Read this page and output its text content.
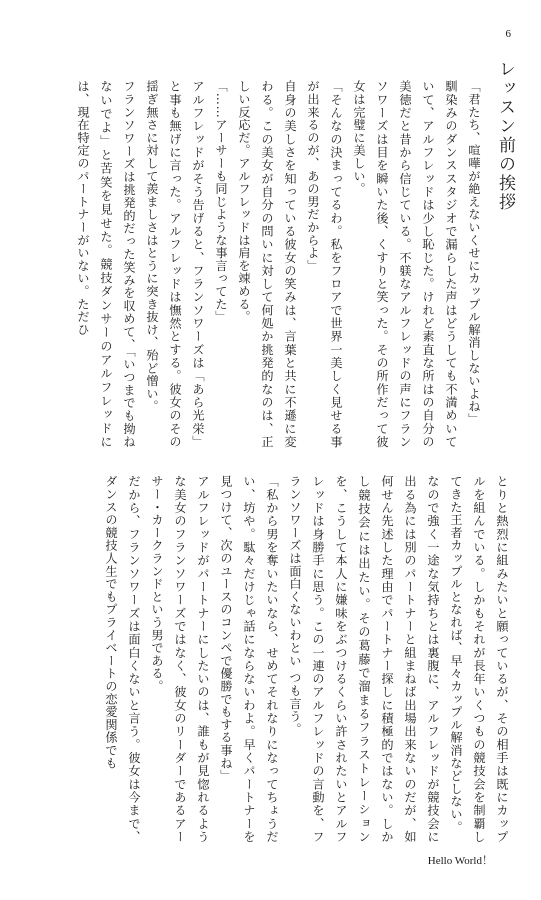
6
レッスン前の挨拶

「君たち、喧嘩が絶えないくせにカップル解消しないよね」

馴染みのダンススタジオで漏らした声はどうしても不満めいていて、アルフレッドは少し恥じた。けれど素直な所はの自分の美徳だと昔から信じている。不躾なアルフレッドの声にフランソワーズは目を瞬いた後、くすりと笑った。その所作だって彼女は完璧に美しい。

「そんなの決まってるわ。私をフロアで世界一美しく見せる事が出来るのが、あの男だからよ」

自身の美しさを知っている彼女の笑みは、言葉と共に不遜に変わる。この美女が自分の問いに対して何処か挑発的なのは、正しい反応だ。アルフレッドは肩を竦める。

「……アーサーも同じような事言ってた」

アルフレッドがそう告げると、フランソワーズは「あら光栄」と事も無げに言った。アルフレッドは憮然とする。彼女のその揺ぎ無さに対して羨ましさはとうに突き抜け、殆ど憎い。

フランソワーズは挑発的だった笑みを収めて、「いつまでも拗ねないでよ」と苦笑を見せた。競技ダンサーのアルフレッドには、現在特定のパートナーがいない。ただひ

とりと熱烈に組みたいと願っているが、その相手は既にカップルを組んでいる。しかもそれが長年いくつもの競技会を制覇してきた王者カップルとなれば、早々カップル解消などしない。

なので強く一途な気持ちとは裏腹に、アルフレッドが競技会に出る為には別のパートナーと組まねば出場出来ないのだが、如何せん先述した理由でパートナー探しに積極的ではない。しかし競技会には出たい。その葛藤で溜まるフラストレーションを、こうして本人に嫌味をぶつけるくらい許されたいとアルフレッドは身勝手に思う。この一連のアルフレッドの言動を、フランソワーズは面白くないわとい つも言う。

「私から男を奪いたいなら、せめてそれなりになってちょうだい、坊や。駄々だけじゃ話にならないわよ。早くパートナーを見つけて、次のユースのコンペで優勝でもする事ね」

アルフレッドがパートナーにしたいのは、誰もが見惚れるような美女のフランソワーズではなく、彼女のリーダーであるアーサー・カークランドという男である。

だから、フランソワーズは面白くないと言う。彼女は今まで、ダンスの競技人生でもプライベートの恋愛関係でも

Hello World！
